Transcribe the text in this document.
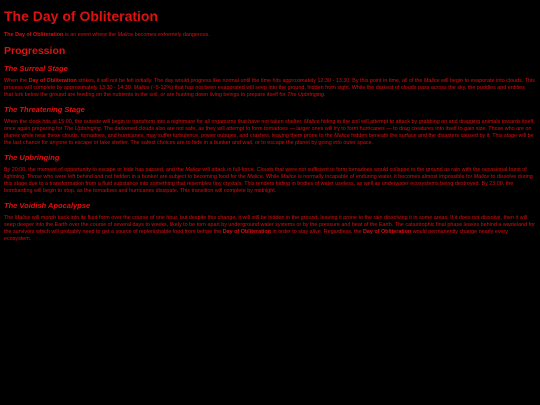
The Day of Obliteration

The Day of Obliteration is an event where the Malice becomes extremely dangerous.

Progression
The Surreal Stage

When the Day of Obliteration strikes, it will not be felt initially. The day would progress like normal until the time hits approximately 12:30 - 13:30. By this point in time, all of the Malice will begin to evaporate into clouds. This process will complete by approximately 13:30 - 14:30. Malice (~5-12%) that has not been evaporated will seep into the ground, hidden from sight. While the darkest of clouds pass across the sky, the puddles and entities that lurk below the ground are feeding on the nutrients in the soil, or are hunting down living beings to prepare itself for The Upbringing.

The Threatening Stage

When the clock hits at 15:00, the outside will begin to transform into a nightmare for all organisms that have not taken shelter. Malice hiding in the soil will attempt to attack by grabbing on and dragging animals towards itself, once again preparing for The Upbringing. The darkened clouds also are not safe, as they will attempt to form tornadoes — larger ones will try to form hurricanes — to drag creatures into itself to gain size. Those who are on planes while near these clouds, tornadoes, and hurricanes, may suffer turbulence, power outages, and crashes, leaving them prone to the Malice hidden beneath the surface and the disasters caused by it. This stage will be the last chance for anyone to escape or take shelter. The safest choices are to hide in a bunker and wait, or to escape the planet by going into outer space.

The Upbringing

By 20:00, the moment of opportunity to escape or hide has passed, and the Malice will attack in full-force. Clouds that were not sufficient to form tornadoes would collapse to the ground as rain with the occasional burst of lightning. Those who were left behind and not hidden in a bunker are subject to becoming food for the Malice. While Malice is normally incapable of enduring water, it becomes almost impossible for Malice to dissolve during this stage due to a transformation from a fluid substance into something that resembles tiny crystals. This renders hiding in bodies of water useless, as well as underwater ecosystems being destroyed. By 23:00, the bombarding will begin to stop, as the tornadoes and hurricanes dissipate. This transition will complete by midnight.

The Voidish Apocalypse

The Malice will morph back into its fluid form over the course of one hour, but despite this change, it will still be hidden in the ground, leaving it prone to the rain dissolving it in some areas. If it does not dissolve, then it will seep deeper into the Earth over the course of several days to weeks, likely to be torn apart by underground water systems or by the pressure and heat of the Earth. The catastrophic final phase leaves behind a wasteland for the survivors which will probably need to get a source of replenishable food from before the Day of Obliteration in order to stay alive. Regardless, the Day of Obliteration would permanently change nearly every ecosystem.
